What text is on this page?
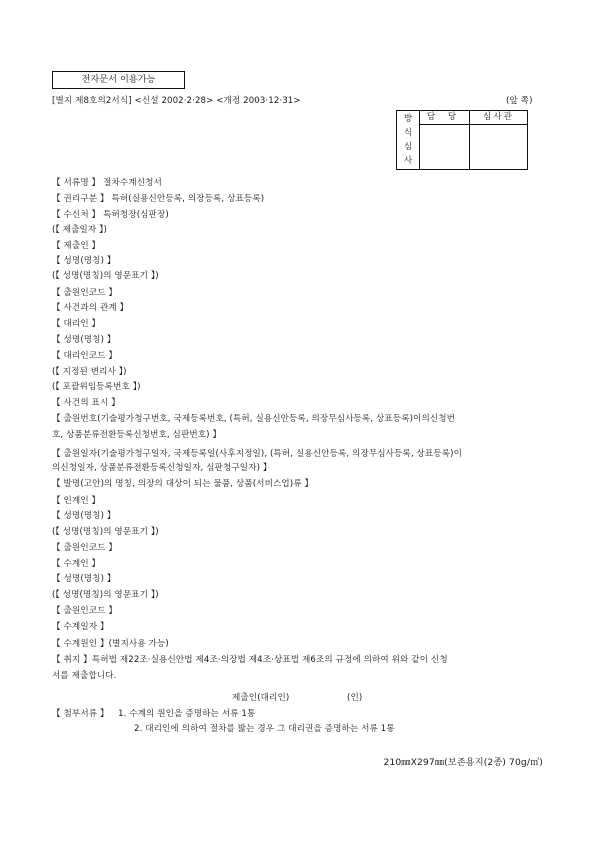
전자문서 이용가능
[별지 제8호의2서식] <신설 2002·2·28> <개정 2003·12·31>	(앞 쪽)
방
식
심
사
담 당	심사관
【 서류명 】 절차수계신청서
【 권리구분 】 특허(실용신안등록, 의장등록, 상표등록)
【 수신처 】 특허청장(심판장)
(【 제출일자 】)
【 제출인 】
【 성명(명칭) 】
(【 성명(명칭)의 영문표기 】)
【 출원인코드 】
【 사건과의 관계 】
【 대리인 】
【 성명(명칭) 】
【 대리인코드 】
(【 지정된 변리사 】)
(【 포괄위임등록번호 】)
【 사건의 표시 】
【 출원번호(기술평가청구번호, 국제등록번호, (특허, 실용신안등록, 의장무심사등록, 상표등록)이의신청번
호, 상품분류전환등록신청번호, 심판번호) 】
【 출원일자(기술평가청구일자, 국제등록일(사후지정일), (특허, 실용신안등록, 의장무심사등록, 상표등록)이
의신청일자, 상품분류전환등록신청일자, 심판청구일자) 】
【 발명(고안)의 명칭, 의장의 대상이 되는 물품, 상품(서비스업)류 】
【 인계인 】
【 성명(명칭) 】
(【 성명(명칭)의 영문표기 】)
【 출원인코드 】
【 수계인 】
【 성명(명칭) 】
(【 성명(명칭)의 영문표기 】)
【 출원인코드 】
【 수계일자 】
【 수계원인 】(별지사용 가능)
【 취지 】특허법 제22조·실용신안법 제4조·의장법 제4조·상표법 제6조의 규정에 의하여 위와 같이 신청
서를 제출합니다.
제출인(대리인)	(인)
【 첨부서류 】 1. 수계의 원인을 증명하는 서류 1통
2. 대리인에 의하여 절차를 밟는 경우 그 대리권을 증명하는 서류 1통
210㎜X297㎜(보존용지(2종) 70g/㎡)
